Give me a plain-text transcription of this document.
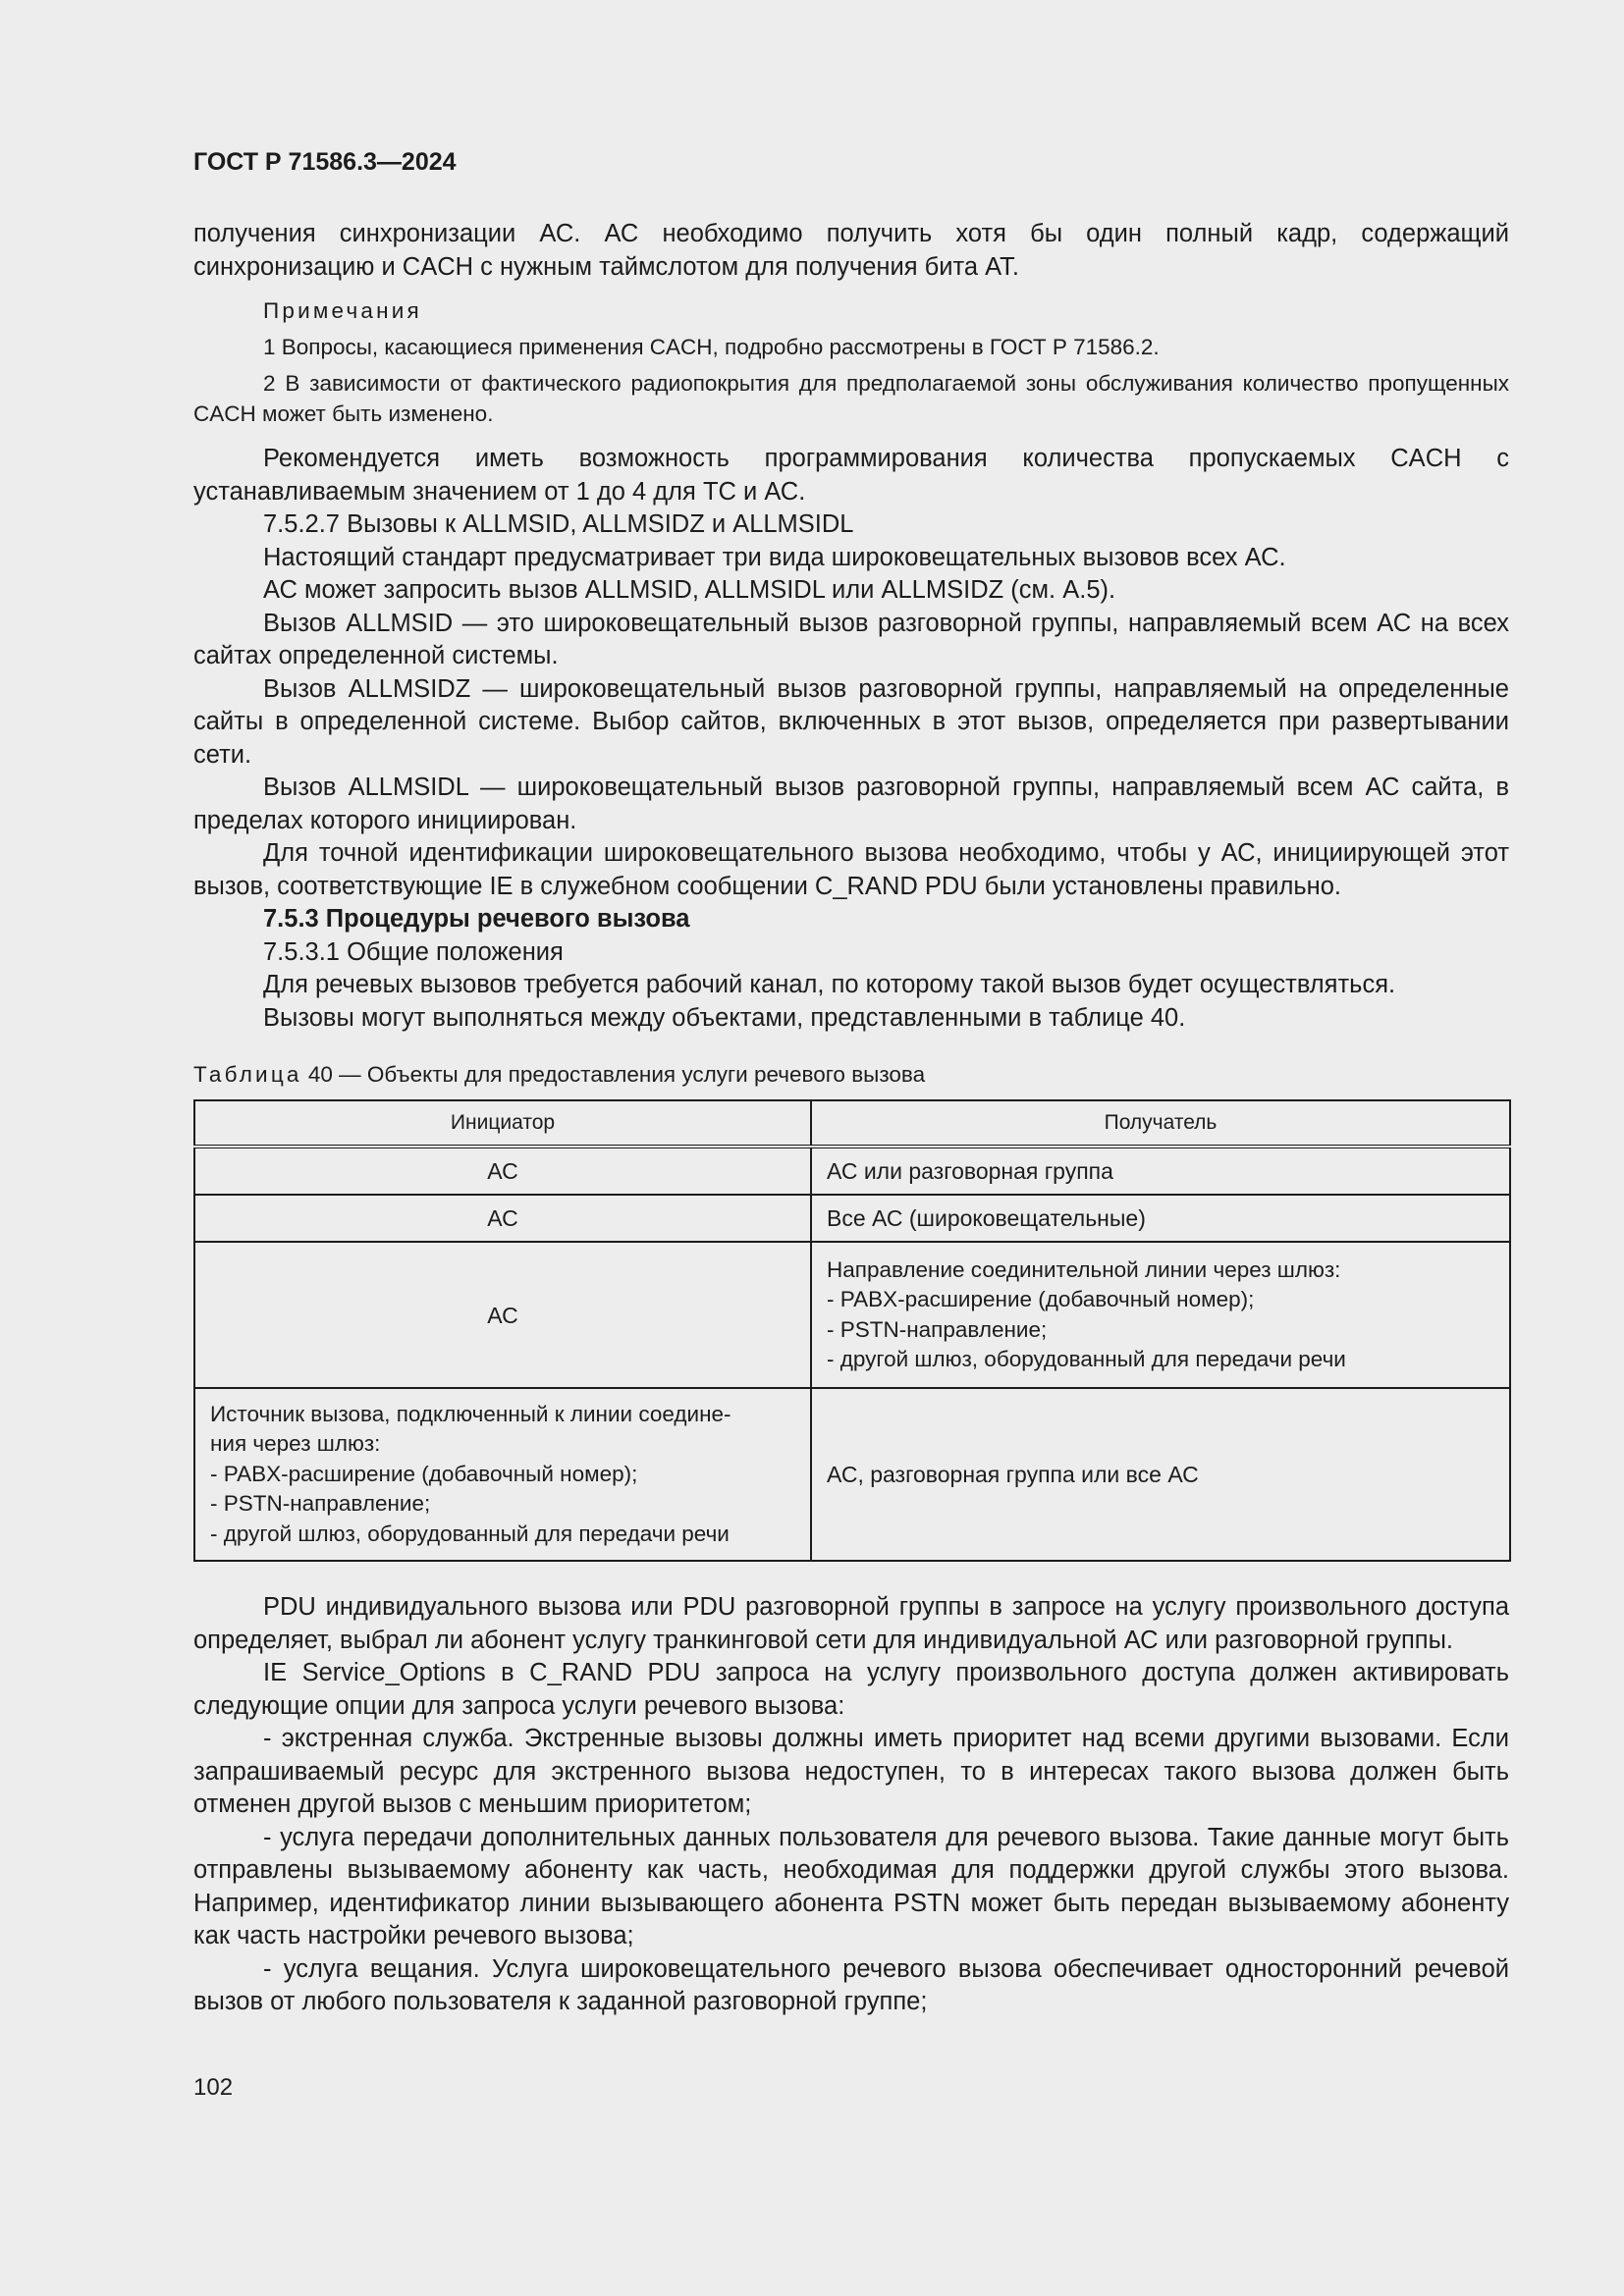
ГОСТ Р 71586.3—2024

получения синхронизации АС. АС необходимо получить хотя бы один полный кадр, содержащий синхронизацию и CACH с нужным таймслотом для получения бита АТ.

Примечания

1 Вопросы, касающиеся применения CACH, подробно рассмотрены в ГОСТ Р 71586.2.

2 В зависимости от фактического радиопокрытия для предполагаемой зоны обслуживания количество пропущенных CACH может быть изменено.

Рекомендуется иметь возможность программирования количества пропускаемых CACH с устанавливаемым значением от 1 до 4 для ТС и АС.

7.5.2.7 Вызовы к ALLMSID, ALLMSIDZ и ALLMSIDL

Настоящий стандарт предусматривает три вида широковещательных вызовов всех АС.

АС может запросить вызов ALLMSID, ALLMSIDL или ALLMSIDZ (см. А.5).

Вызов ALLMSID — это широковещательный вызов разговорной группы, направляемый всем АС на всех сайтах определенной системы.

Вызов ALLMSIDZ — широковещательный вызов разговорной группы, направляемый на определенные сайты в определенной системе. Выбор сайтов, включенных в этот вызов, определяется при развертывании сети.

Вызов ALLMSIDL — широковещательный вызов разговорной группы, направляемый всем АС сайта, в пределах которого инициирован.

Для точной идентификации широковещательного вызова необходимо, чтобы у АС, инициирующей этот вызов, соответствующие IE в служебном сообщении C_RAND PDU были установлены правильно.

7.5.3 Процедуры речевого вызова

7.5.3.1 Общие положения

Для речевых вызовов требуется рабочий канал, по которому такой вызов будет осуществляться.

Вызовы могут выполняться между объектами, представленными в таблице 40.

Таблица 40 — Объекты для предоставления услуги речевого вызова
Инициатор	Получатель
АС	АС или разговорная группа
АС	Все АС (широковещательные)
АС	Направление соединительной линии через шлюз:
- PABX-расширение (добавочный номер);
- PSTN-направление;
- другой шлюз, оборудованный для передачи речи

Источник вызова, подключенный к линии соедине-
ния через шлюз:
- PABX-расширение (добавочный номер);
- PSTN-направление;
- другой шлюз, оборудованный для передачи речи	АС, разговорная группа или все АС

PDU индивидуального вызова или PDU разговорной группы в запросе на услугу произвольного доступа определяет, выбрал ли абонент услугу транкинговой сети для индивидуальной АС или разговорной группы.

IE Service_Options в C_RAND PDU запроса на услугу произвольного доступа должен активировать следующие опции для запроса услуги речевого вызова:

- экстренная служба. Экстренные вызовы должны иметь приоритет над всеми другими вызовами. Если запрашиваемый ресурс для экстренного вызова недоступен, то в интересах такого вызова должен быть отменен другой вызов с меньшим приоритетом;

- услуга передачи дополнительных данных пользователя для речевого вызова. Такие данные могут быть отправлены вызываемому абоненту как часть, необходимая для поддержки другой службы этого вызова. Например, идентификатор линии вызывающего абонента PSTN может быть передан вызываемому абоненту как часть настройки речевого вызова;

- услуга вещания. Услуга широковещательного речевого вызова обеспечивает односторонний речевой вызов от любого пользователя к заданной разговорной группе;

102
